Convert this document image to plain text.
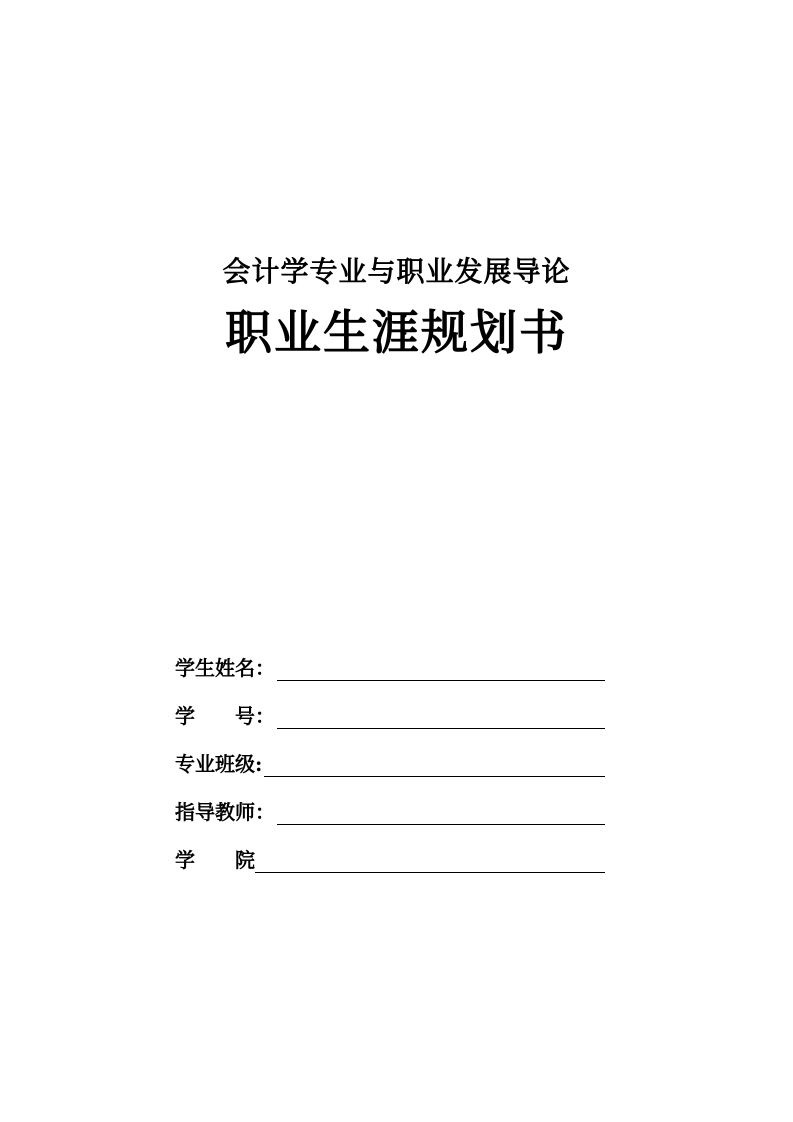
会计学专业与职业发展导论
职业生涯规划书
学生姓名：
学　　号：
专业班级:
指导教师：
学　　院
